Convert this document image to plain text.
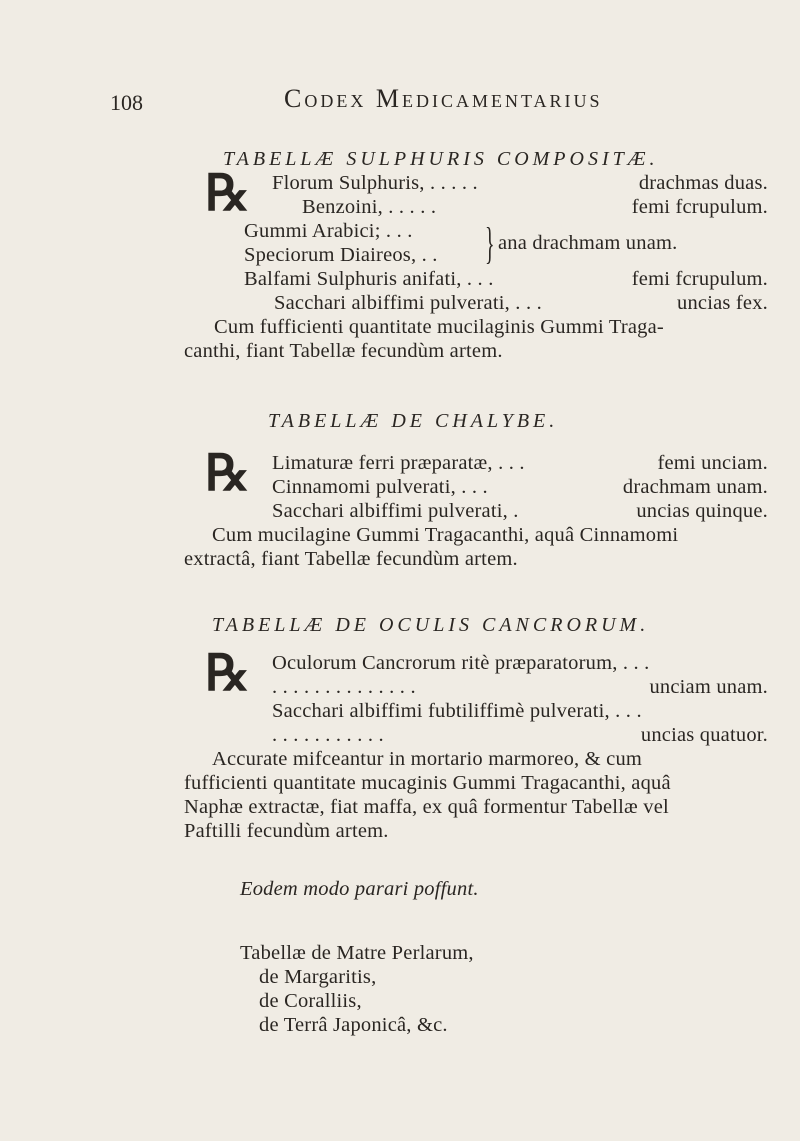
108	Codex Medicamentarius
TABELLÆ SULPHURIS COMPOSITÆ.
℞ Florum Sulphuris, . . . . .	drachmas duas.
Benzoini, . . . . .	femi fcrupulum.
Gummi Arabici; . . .
Speciorum Diaireos, . . } ana drachmam unam.
Balfami Sulphuris anifati, . . .	femi fcrupulum.
Sacchari albiffimi pulverati, . . .	uncias fex.
Cum fufficienti quantitate mucilaginis Gummi Traga-
canthi, fiant Tabellæ fecundùm artem.
TABELLÆ DE CHALYBE.
℞ Limaturæ ferri præparatæ, . . .	femi unciam.
Cinnamomi pulverati, . . .	drachmam unam.
Sacchari albiffimi pulverati, .	uncias quinque.
Cum mucilagine Gummi Tragacanthi, aquâ Cinnamomi
extractâ, fiant Tabellæ fecundùm artem.
TABELLÆ DE OCULIS CANCRORUM.
℞ Oculorum Cancrorum ritè præparatorum, . . .
. . . . . . . . . . . . . .	unciam unam.
Sacchari albiffimi fubtiliffimè pulverati, . . .
. . . . . . . . . . .	uncias quatuor.
Accurate mifceantur in mortario marmoreo, & cum
fufficienti quantitate mucaginis Gummi Tragacanthi, aquâ
Naphæ extractæ, fiat maffa, ex quâ formentur Tabellæ vel
Paftilli fecundùm artem.
Eodem modo parari poffunt.
Tabellæ de Matre Perlarum,
de Margaritis,
de Coralliis,
de Terrâ Japonicâ, &c.
